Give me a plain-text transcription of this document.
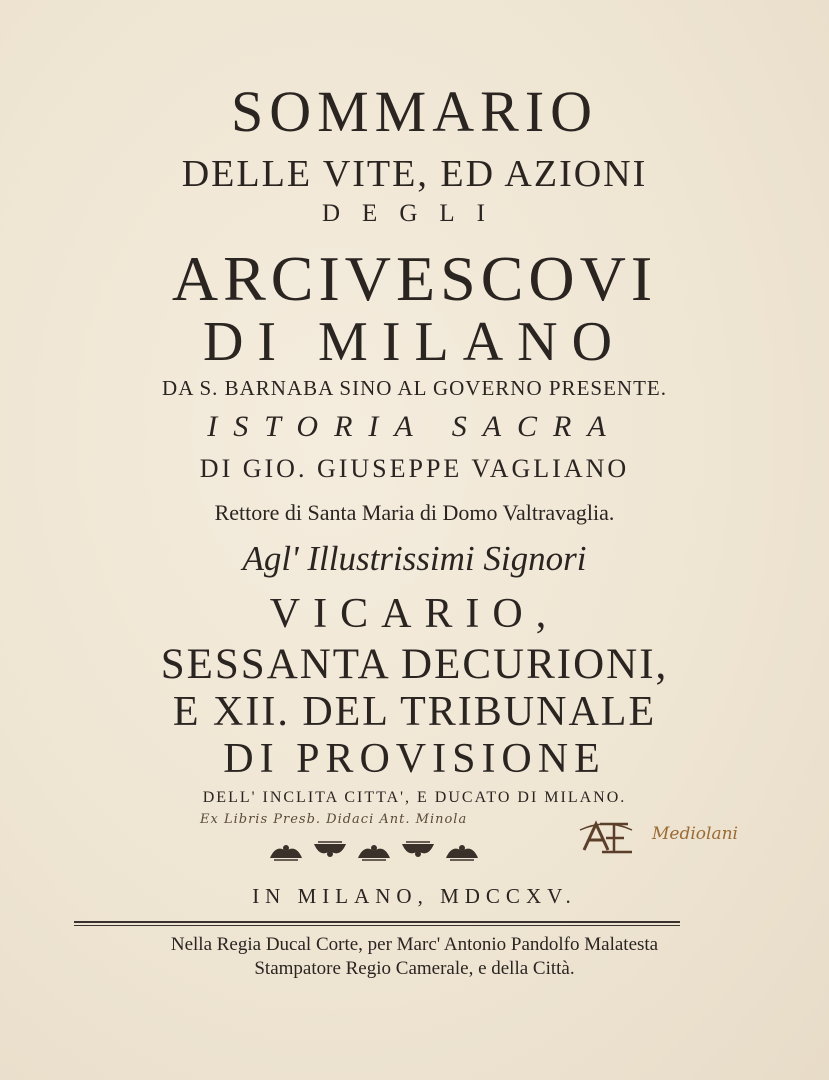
SOMMARIO
DELLE VITE, ED AZIONI
DEGLI
ARCIVESCOVI
DI MILANO
DA S. BARNABA SINO AL GOVERNO PRESENTE.
ISTORIA SACRA
DI GIO. GIUSEPPE VAGLIANO
Rettore di Santa Maria di Domo Valtravaglia.
Agl' Illustrissimi Signori
VICARIO,
SESSANTA DECURIONI,
E XII. DEL TRIBUNALE
DI PROVISIONE
DELL' INCLITA CITTA', E DUCATO DI MILANO.
Ex Libris Presb. Didaci Ant. Minola
Mediolani
IN MILANO, MDCCXV.
Nella Regia Ducal Corte, per Marc' Antonio Pandolfo Malatesta
Stampatore Regio Camerale, e della Città.
